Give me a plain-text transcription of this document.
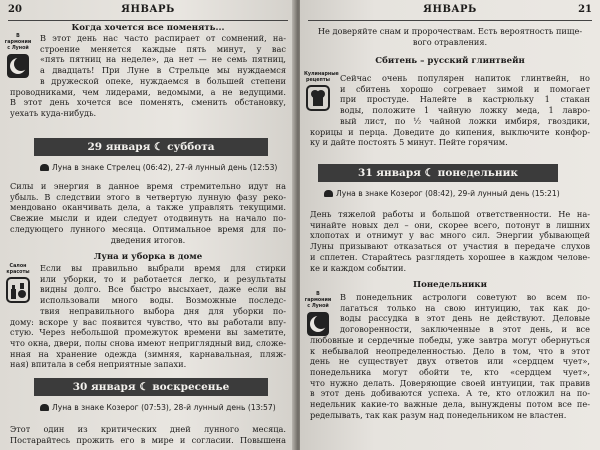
20	ЯНВАРЬ
Когда хочется все поменять...
В гармонии
с Луной
В этот день нас часто распирает от сомнений, на-
строение меняется каждые пять минут, у вас
«пять пятниц на неделе», да нет — не семь пятниц,
а двадцать! При Луне в Стрельце мы нуждаемся
в дружеской опеке, нуждаемся в большей степени
проводниками, чем лидерами, ведомыми, а не ведущими.
В этот день хочется все поменять, сменить обстановку,
уехать куда-нибудь.
29 января ☾ суббота
Луна в знаке Стрелец (06:42), 27-й лунный день (12:53)
Силы и энергия в данное время стремительно идут на
убыль. В следствии этого в четвертую лунную фазу реко-
мендовано оканчивать дела, а также управлять текущими.
Свежие мысли и идеи следует отодвинуть на начало по-
следующего лунного месяца. Оптимальное время для по-
дведения итогов.
Луна и уборка в доме
Салон
красоты Если вы правильно выбрали время для стирки
или уборки, то и работается легко, и результаты
видны долго. Все быстро высыхает, даже если вы
использовали много воды. Возможные последс-
твия неправильного выбора дня для уборки по-
дому: вскоре у вас появится чувство, что вы работали впу-
стую. Через небольшой промежуток времени вы заметите,
что окна, двери, полы снова имеют неприглядный вид, сложе-
нная на хранение одежда (зимняя, карнавальная, пляж-
ная) впитала в себя неприятные запахи.
30 января ☾ воскресенье
Луна в знаке Козерог (07:53), 28-й лунный день (13:57)
Этот один из критических дней лунного месяца.
Постарайтесь прожить его в мире и согласии. Повышена
ЯНВАРЬ	21
Не доверяйте снам и пророчествам. Есть вероятность пище-
вого отравления.
Сбитень – русский глинтвейн
Кулинарные
рецепты Сейчас очень популярен напиток глинтвейн, но
и сбитень хорошо согревает зимой и помогает
при простуде. Налейте в кастрюльку 1 стакан
воды, положите 1 чайную ложку меда, 1 лавро-
вый лист, по ½ чайной ложки имбиря, гвоздики,
корицы и перца. Доведите до кипения, выключите конфор-
ку и дайте постоять 5 минут. Пейте горячим.
31 января ☾ понедельник
Луна в знаке Козерог (08:42), 29-й лунный день (15:21)
День тяжелой работы и большой ответственности. Не на-
чинайте новых дел – они, скорее всего, потонут в лишних
хлопотах и отнимут у вас много сил. Энергии убывающей
Луны призывают отказаться от участия в передаче слухов
и сплетен. Старайтесь разглядеть хорошее в каждом челове-
ке и каждом событии.
Понедельники
В гармонии
с Луной
В понедельник астрологи советуют во всем по-
лагаться только на свою интуицию, так как до-
воды рассудка в этот день не действуют. Деловые
договоренности, заключенные в этот день, и все
любовные и сердечные победы, уже завтра могут обернуться
к небывалой неопределенностью. Дело в том, что в этот
день не существует двух ответов или «сердцем чует»,
понедельника могут обойти те, кто «сердцем чует»,
что нужно делать. Доверяющие своей интуиции, так правив
в этот день добиваются успеха. А те, кто отложил на по-
недельник какие-то важные дела, вынуждены потом все пе-
ределывать, так как разум над понедельником не властен.
